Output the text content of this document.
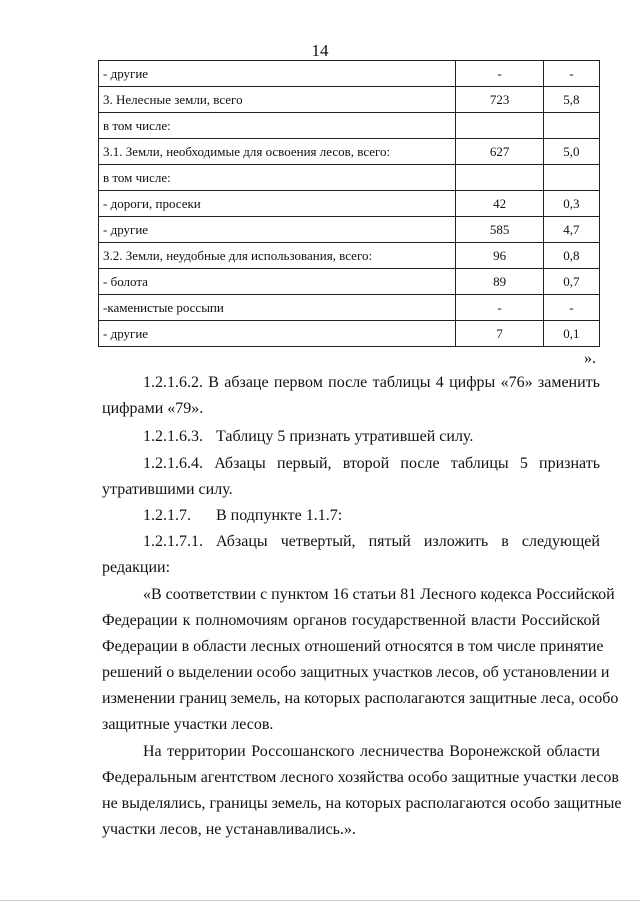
14
- другие	-	-
3. Нелесные земли, всего	723	5,8
в том числе:		
3.1. Земли, необходимые для освоения лесов, всего:	627	5,0
в том числе:		
- дороги, просеки	42	0,3
- другие	585	4,7
3.2. Земли, неудобные для использования, всего:	96	0,8
- болота	89	0,7
-каменистые россыпи	-	-
- другие	7	0,1
».
1.2.1.6.2. В абзаце первом после таблицы 4 цифры «76» заменить
цифрами «79».
1.2.1.6.3. Таблицу 5 признать утратившей силу.
1.2.1.6.4. Абзацы первый, второй после таблицы 5 признать
утратившими силу.
1.2.1.7. В подпункте 1.1.7:
1.2.1.7.1. Абзацы четвертый, пятый изложить в следующей
редакции:
«В соответствии с пунктом 16 статьи 81 Лесного кодекса Российской
Федерации к полномочиям органов государственной власти Российской
Федерации в области лесных отношений относятся в том числе принятие
решений о выделении особо защитных участков лесов, об установлении и
изменении границ земель, на которых располагаются защитные леса, особо
защитные участки лесов.
На территории Россошанского лесничества Воронежской области
Федеральным агентством лесного хозяйства особо защитные участки лесов
не выделялись, границы земель, на которых располагаются особо защитные
участки лесов, не устанавливались.».
